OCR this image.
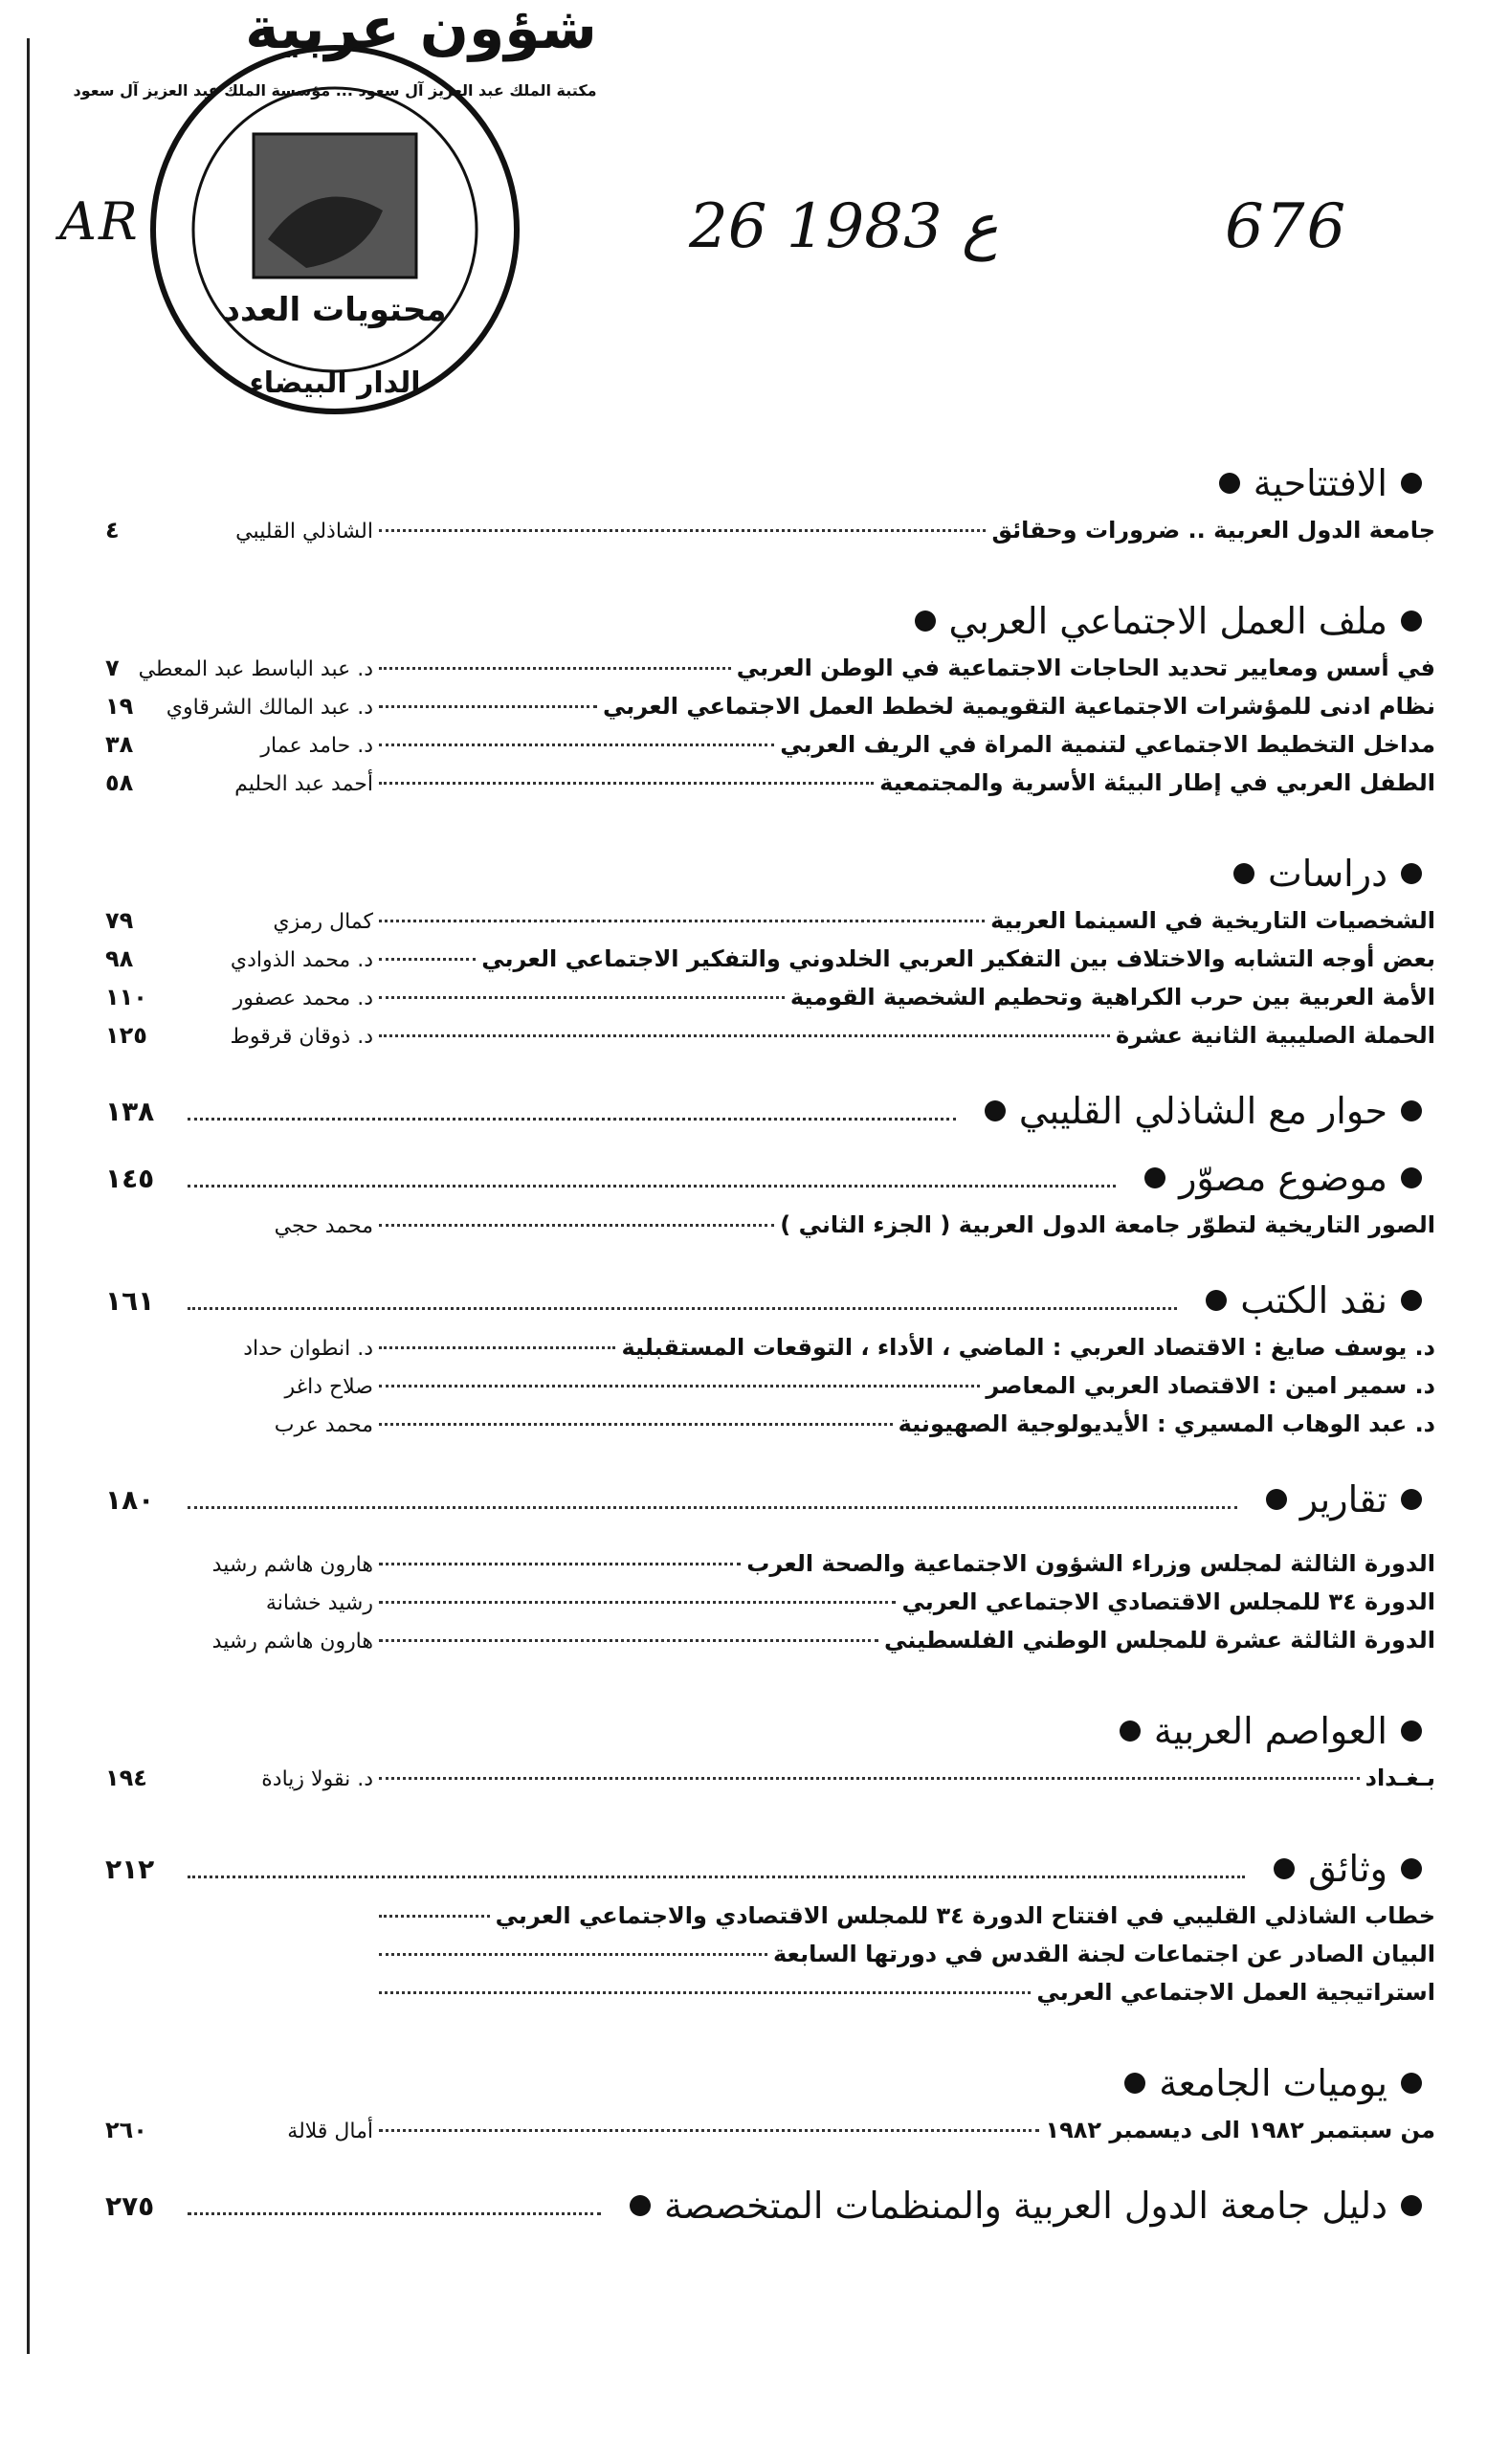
شؤون عربية
محتويات العدد
الدار البيضاء
مكتبة الملك عبد العزيز آل سعود ... مؤسسة الملك عبد العزيز آل سعود
AR	26 ع 1983	676
الافتتاحية
جامعة الدول العربية .. ضرورات وحقائق
الشاذلي القليبي
٤
ملف العمل الاجتماعي العربي
في أسس ومعايير تحديد الحاجات الاجتماعية في الوطن العربي
د. عبد الباسط عبد المعطي
٧
نظام ادنى للمؤشرات الاجتماعية التقويمية لخطط العمل الاجتماعي العربي
د. عبد المالك الشرقاوي
١٩
مداخل التخطيط الاجتماعي لتنمية المراة في الريف العربي
د. حامد عمار
٣٨
الطفل العربي في إطار البيئة الأسرية والمجتمعية
أحمد عبد الحليم
٥٨
دراسات
الشخصيات التاريخية في السينما العربية
كمال رمزي
٧٩
بعض أوجه التشابه والاختلاف بين التفكير العربي الخلدوني والتفكير الاجتماعي العربي
د. محمد الذوادي
٩٨
الأمة العربية بين حرب الكراهية وتحطيم الشخصية القومية
د. محمد عصفور
١١٠
الحملة الصليبية الثانية عشرة
د. ذوقان قرقوط
١٢٥
حوار مع الشاذلي القليبي
١٣٨
موضوع مصوّر
١٤٥
الصور التاريخية لتطوّر جامعة الدول العربية ( الجزء الثاني )
محمد حجي
نقد الكتب
١٦١
د. يوسف صايغ : الاقتصاد العربي : الماضي ، الأداء ، التوقعات المستقبلية
د. انطوان حداد
د. سمير امين : الاقتصاد العربي المعاصر
صلاح داغر
د. عبد الوهاب المسيري : الأيديولوجية الصهيونية
محمد عرب
تقارير
١٨٠
الدورة الثالثة لمجلس وزراء الشؤون الاجتماعية والصحة العرب
هارون هاشم رشيد
الدورة ٣٤ للمجلس الاقتصادي الاجتماعي العربي
رشيد خشانة
الدورة الثالثة عشرة للمجلس الوطني الفلسطيني
هارون هاشم رشيد
العواصم العربية
بـغـداد
د. نقولا زيادة
١٩٤
وثائق
٢١٢
خطاب الشاذلي القليبي في افتتاح الدورة ٣٤ للمجلس الاقتصادي والاجتماعي العربي
البيان الصادر عن اجتماعات لجنة القدس في دورتها السابعة
استراتيجية العمل الاجتماعي العربي
يوميات الجامعة
من سبتمبر ١٩٨٢ الى ديسمبر ١٩٨٢
أمال قلالة
٢٦٠
دليل جامعة الدول العربية والمنظمات المتخصصة
٢٧٥
